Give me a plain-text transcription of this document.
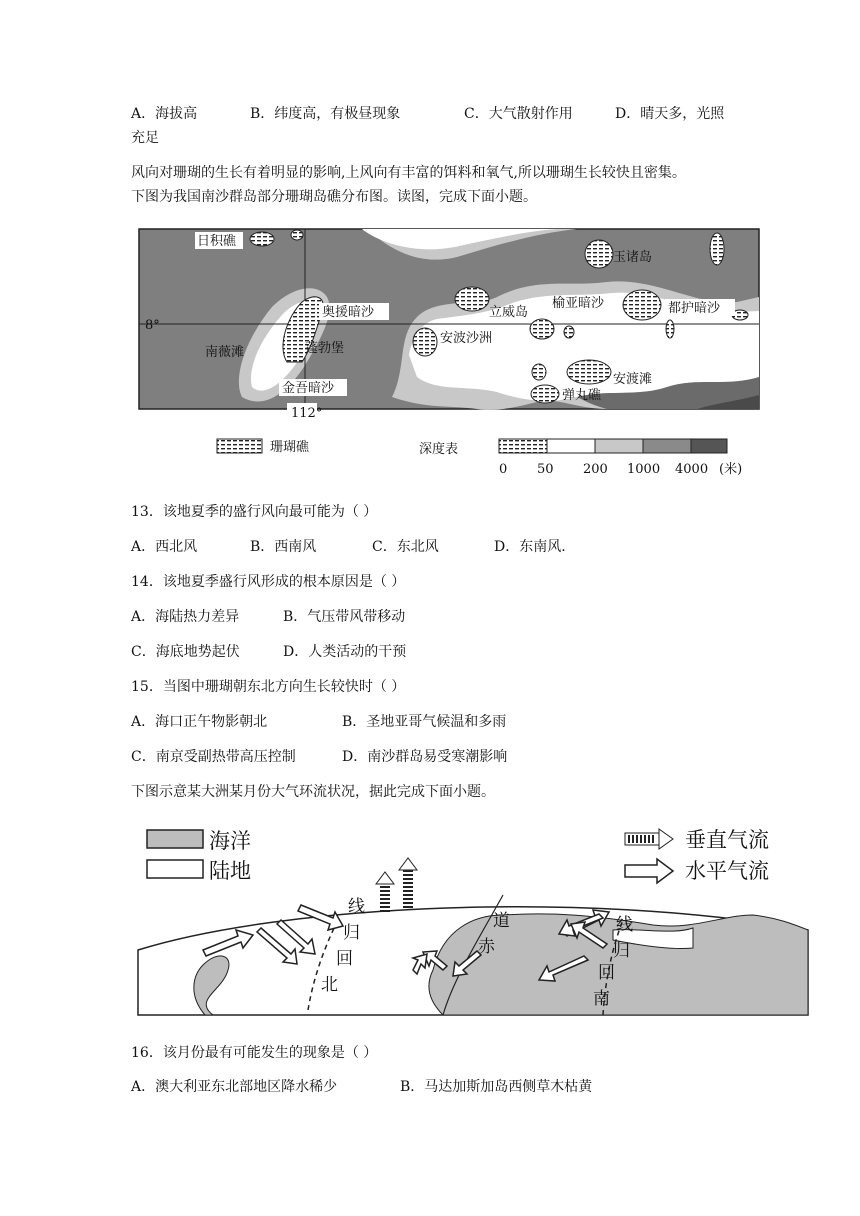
A．海拔高	B．纬度高，有极昼现象	C．大气散射作用	D．晴天多，光照
充足
风向对珊瑚的生长有着明显的影响,上风向有丰富的饵料和氧气,所以珊瑚生长较快且密集。
下图为我国南沙群岛部分珊瑚岛礁分布图。读图，完成下面小题。
日积礁
玉诸岛
奥援暗沙	立威岛
榆亚暗沙	都护暗沙
8°
安波沙洲
南薇滩	蓬勃堡
安渡滩
金吾暗沙	弹丸礁
112°
珊瑚礁	深度表
0 50 200 1000 4000 (米)
13．该地夏季的盛行风向最可能为（ ）
A．西北风	B．西南风	C．东北风	D．东南风.
14．该地夏季盛行风形成的根本原因是（ ）
A．海陆热力差异	B．气压带风带移动
C．海底地势起伏	D．人类活动的干预
15．当图中珊瑚朝东北方向生长较快时（ ）
A．海口正午物影朝北	B．圣地亚哥气候温和多雨
C．南京受副热带高压控制	D．南沙群岛易受寒潮影响
下图示意某大洲某月份大气环流状况，据此完成下面小题。
海洋
陆地
垂直气流
水平气流
线
归
回
北
道
赤
线
归
回
南
16．该月份最有可能发生的现象是（ ）
A．澳大利亚东北部地区降水稀少	B．马达加斯加岛西侧草木枯黄
